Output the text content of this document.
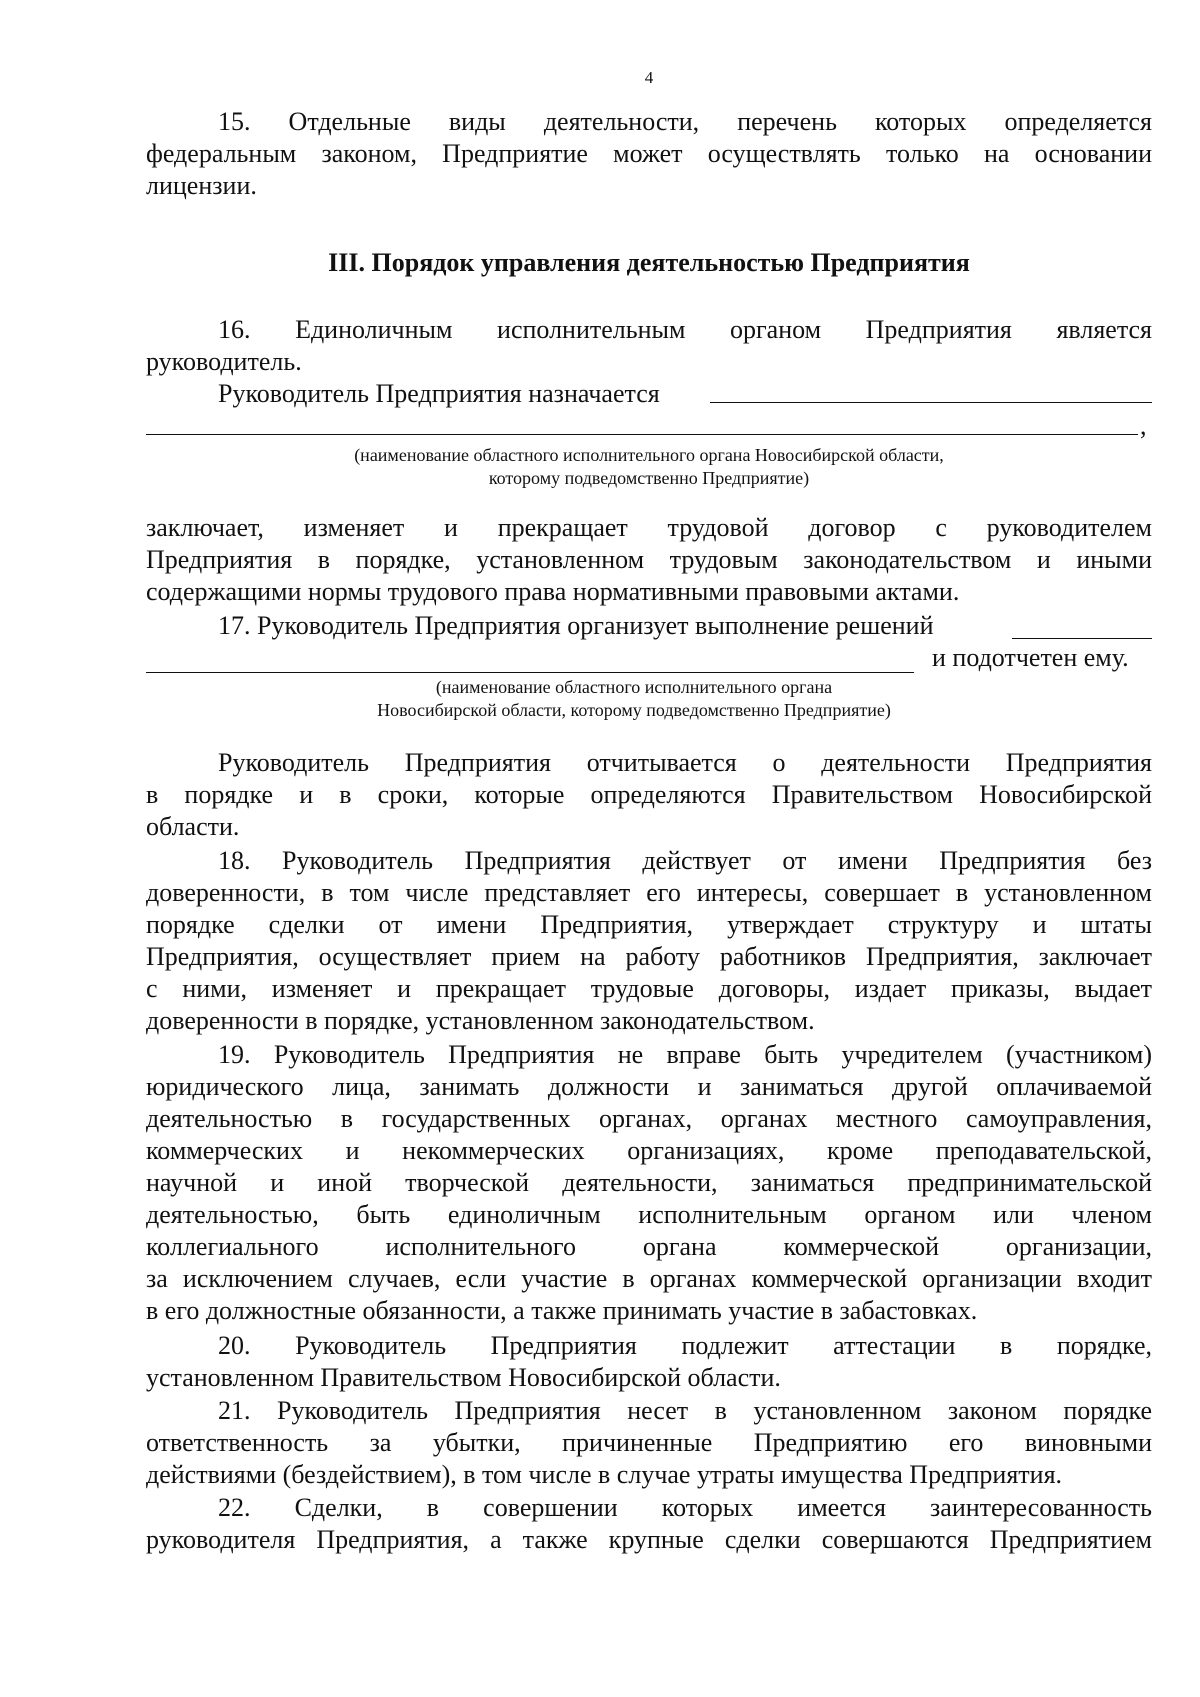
4
15. Отдельные виды деятельности, перечень которых определяется
федеральным законом, Предприятие может осуществлять только на основании
лицензии.
III. Порядок управления деятельностью Предприятия
16. Единоличным исполнительным органом Предприятия является
руководитель.
Руководитель Предприятия назначается
,
(наименование областного исполнительного органа Новосибирской области,
которому подведомственно Предприятие)
заключает, изменяет и прекращает трудовой договор с руководителем
Предприятия в порядке, установленном трудовым законодательством и иными
содержащими нормы трудового права нормативными правовыми актами.
17. Руководитель Предприятия организует выполнение решений
и подотчетен ему.
(наименование областного исполнительного органа
Новосибирской области, которому подведомственно Предприятие)
Руководитель Предприятия отчитывается о деятельности Предприятия
в порядке и в сроки, которые определяются Правительством Новосибирской
области.
18. Руководитель Предприятия действует от имени Предприятия без
доверенности, в том числе представляет его интересы, совершает в установленном
порядке сделки от имени Предприятия, утверждает структуру и штаты
Предприятия, осуществляет прием на работу работников Предприятия, заключает
с ними, изменяет и прекращает трудовые договоры, издает приказы, выдает
доверенности в порядке, установленном законодательством.
19. Руководитель Предприятия не вправе быть учредителем (участником)
юридического лица, занимать должности и заниматься другой оплачиваемой
деятельностью в государственных органах, органах местного самоуправления,
коммерческих и некоммерческих организациях, кроме преподавательской,
научной и иной творческой деятельности, заниматься предпринимательской
деятельностью, быть единоличным исполнительным органом или членом
коллегиального исполнительного органа коммерческой организации,
за исключением случаев, если участие в органах коммерческой организации входит
в его должностные обязанности, а также принимать участие в забастовках.
20. Руководитель Предприятия подлежит аттестации в порядке,
установленном Правительством Новосибирской области.
21. Руководитель Предприятия несет в установленном законом порядке
ответственность за убытки, причиненные Предприятию его виновными
действиями (бездействием), в том числе в случае утраты имущества Предприятия.
22. Сделки, в совершении которых имеется заинтересованность
руководителя Предприятия, а также крупные сделки совершаются Предприятием
